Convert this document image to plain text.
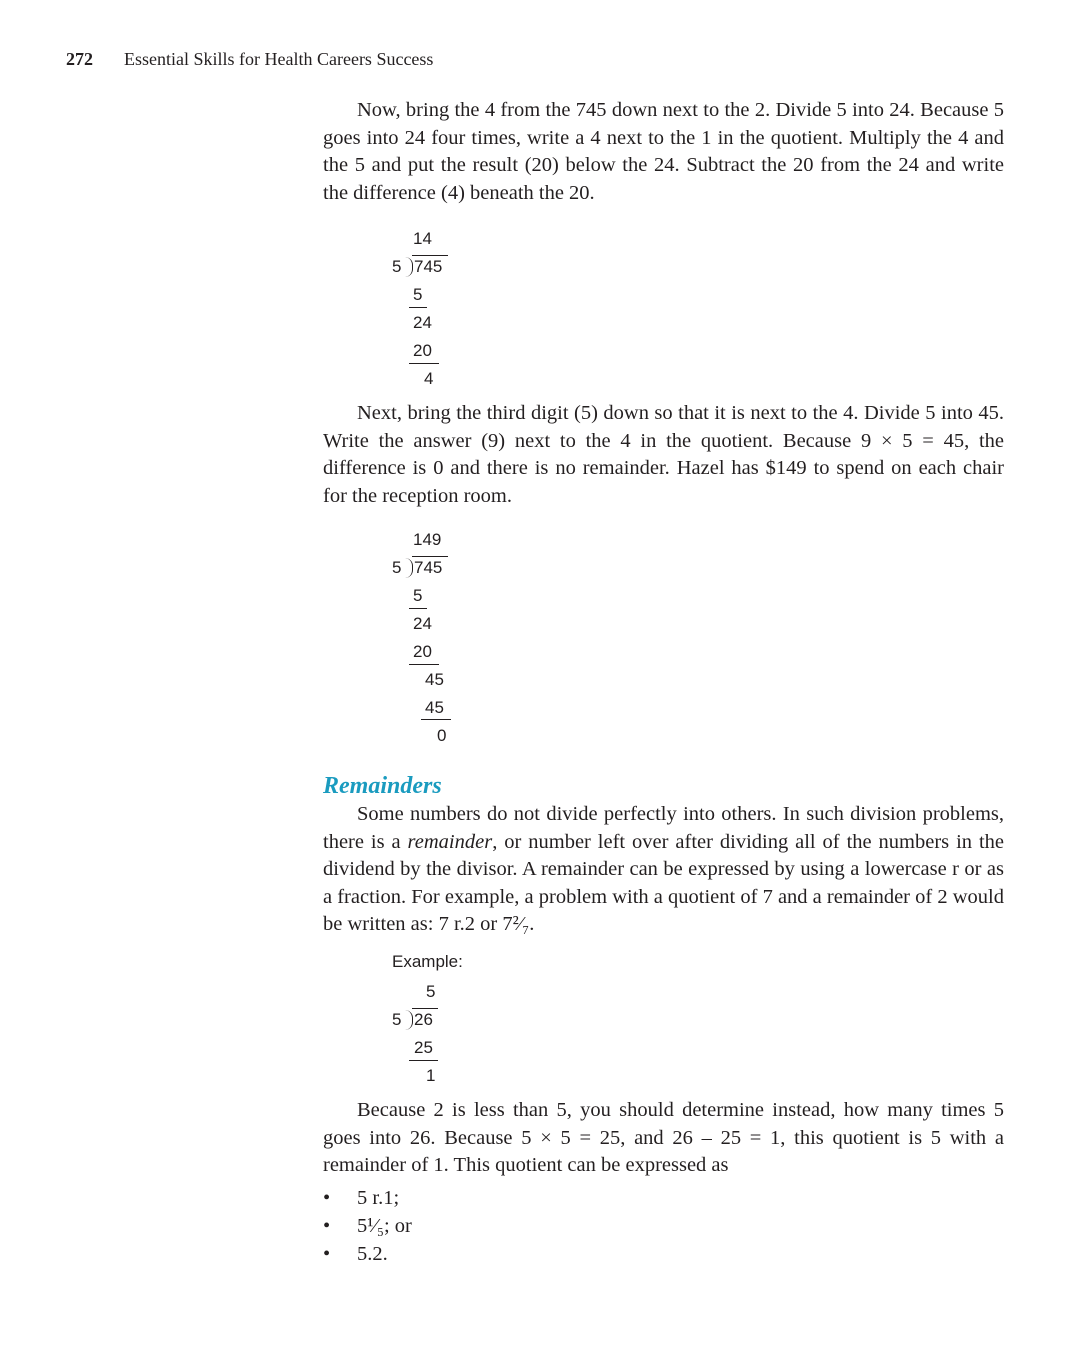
272 Essential Skills for Health Careers Success

Now, bring the 4 from the 745 down next to the 2. Divide 5 into 24. Because 5 goes into 24 four times, write a 4 next to the 1 in the quotient. Multiply the 4 and the 5 and put the result (20) below the 24. Subtract the 20 from the 24 and write the difference (4) beneath the 20.

14
5 745
5
24
20
4

Next, bring the third digit (5) down so that it is next to the 4. Divide 5 into 45. Write the answer (9) next to the 4 in the quotient. Because 9 × 5 = 45, the difference is 0 and there is no remainder. Hazel has $149 to spend on each chair for the reception room.

149
5 745
5
24
20
45
45
0
Remainders

Some numbers do not divide perfectly into others. In such division problems, there is a remainder, or number left over after dividing all of the numbers in the dividend by the divisor. A remainder can be expressed by using a lowercase r or as a fraction. For example, a problem with a quotient of 7 and a remainder of 2 would be written as: 7 r.2 or 7²⁄₇.

Example:
5
5 26
25
1

Because 2 is less than 5, you should determine instead, how many times 5 goes into 26. Because 5 × 5 = 25, and 26 – 25 = 1, this quotient is 5 with a remainder of 1. This quotient can be expressed as

• 5 r.1;
• 5¹⁄₅; or
• 5.2.
